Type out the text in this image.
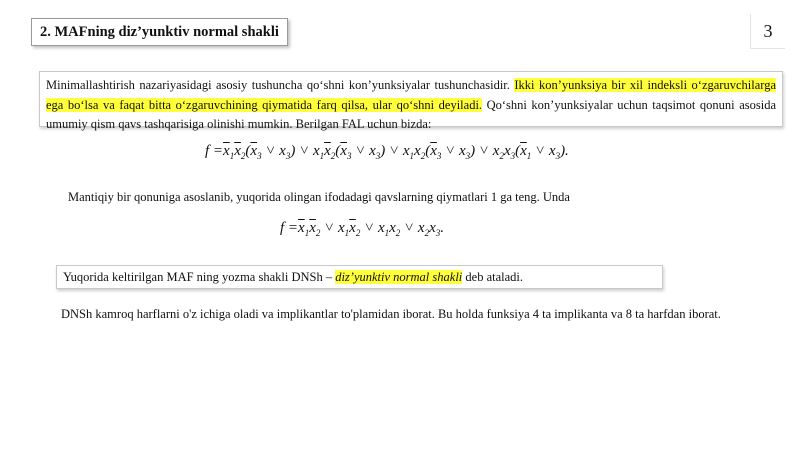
2. MAFning diz’yunktiv normal shakli	3
Minimallashtirish nazariyasidagi asosiy tushuncha qo‘shni kon’yunksiyalar tushunchasidir. Ikki kon’yunksiya bir xil indeksli o‘zgaruvchilarga ega bo‘lsa va faqat bitta o‘zgaruvchining qiymatida farq qilsa, ular qo‘shni deyiladi. Qo‘shni kon’yunksiyalar uchun taqsimot qonuni asosida umumiy qism qavs tashqarisiga olinishi mumkin. Berilgan FAL uchun bizda:
$f =\overline{x}_1\overline{x}_2(\overline{x}_3$ ˅ $x_3$) ˅ $x_1\overline{x}_2(\overline{x}_3$ ˅ $x_3$) ˅ $x_1x_2(\overline{x}_3$ ˅ $x_3$) ˅ $x_2x_3(\overline{x}_1$ ˅ $x_3$).
Mantiqiy bir qonuniga asoslanib, yuqorida olingan ifodadagi qavslarning qiymatlari 1 ga teng. Unda
$f =\overline{x}_1\overline{x}_2$ ˅ $x_1\overline{x}_2$ ˅ $x_1x_2$ ˅ $x_2x_3$.
Yuqorida keltirilgan MAF ning yozma shakli DNSh – diz’yunktiv normal shakli deb ataladi.
DNSh kamroq harflarni o'z ichiga oladi va implikantlar to'plamidan iborat. Bu holda funksiya 4 ta implikanta va 8 ta harfdan iborat.
